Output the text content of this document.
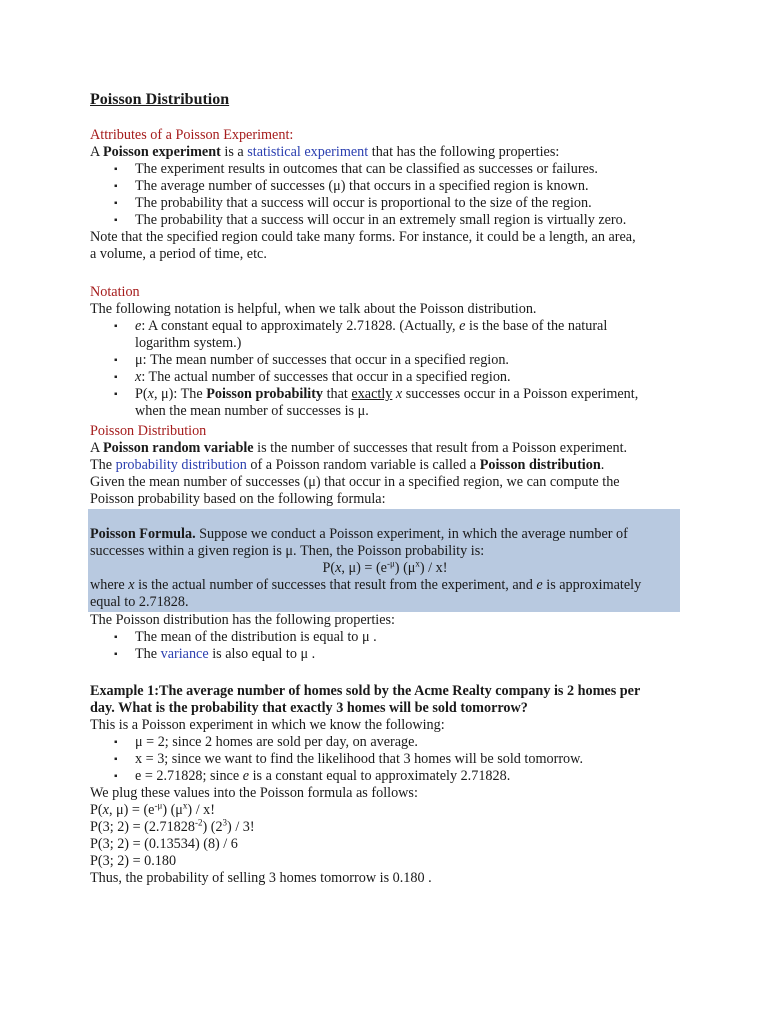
Poisson Distribution
Attributes of a Poisson Experiment:
A Poisson experiment is a statistical experiment that has the following properties:
▪ The experiment results in outcomes that can be classified as successes or failures.
▪ The average number of successes (μ) that occurs in a specified region is known.
▪ The probability that a success will occur is proportional to the size of the region.
▪ The probability that a success will occur in an extremely small region is virtually zero.
Note that the specified region could take many forms. For instance, it could be a length, an area,
a volume, a period of time, etc.
Notation
The following notation is helpful, when we talk about the Poisson distribution.
▪ e: A constant equal to approximately 2.71828. (Actually, e is the base of the natural
logarithm system.)
▪ μ: The mean number of successes that occur in a specified region.
▪ x: The actual number of successes that occur in a specified region.
▪ P(x, μ): The Poisson probability that exactly x successes occur in a Poisson experiment,
when the mean number of successes is μ.
Poisson Distribution
A Poisson random variable is the number of successes that result from a Poisson experiment.
The probability distribution of a Poisson random variable is called a Poisson distribution.
Given the mean number of successes (μ) that occur in a specified region, we can compute the
Poisson probability based on the following formula:
Poisson Formula. Suppose we conduct a Poisson experiment, in which the average number of
successes within a given region is μ. Then, the Poisson probability is:
P(x, $\mu) = (e^{-\mu})$ $(\mu^x)$ / x!
where x is the actual number of successes that result from the experiment, and e is approximately
equal to 2.71828.
The Poisson distribution has the following properties:
▪ The mean of the distribution is equal to μ .
▪ The variance is also equal to μ .
Example 1:The average number of homes sold by the Acme Realty company is 2 homes per
day. What is the probability that exactly 3 homes will be sold tomorrow?
This is a Poisson experiment in which we know the following:
▪ μ = 2; since 2 homes are sold per day, on average.
▪ x = 3; since we want to find the likelihood that 3 homes will be sold tomorrow.
▪ e = 2.71828; since e is a constant equal to approximately 2.71828.
We plug these values into the Poisson formula as follows:
P(x, $\mu) = (e^{-\mu})$ $(\mu^x)$ / x!
P(3; $2) = (2.71828^{-2})$ $(2^3) / 3$!
P(3; 2) = (0.13534) (8) / 6
P(3; 2) = 0.180
Thus, the probability of selling 3 homes tomorrow is 0.180 .
